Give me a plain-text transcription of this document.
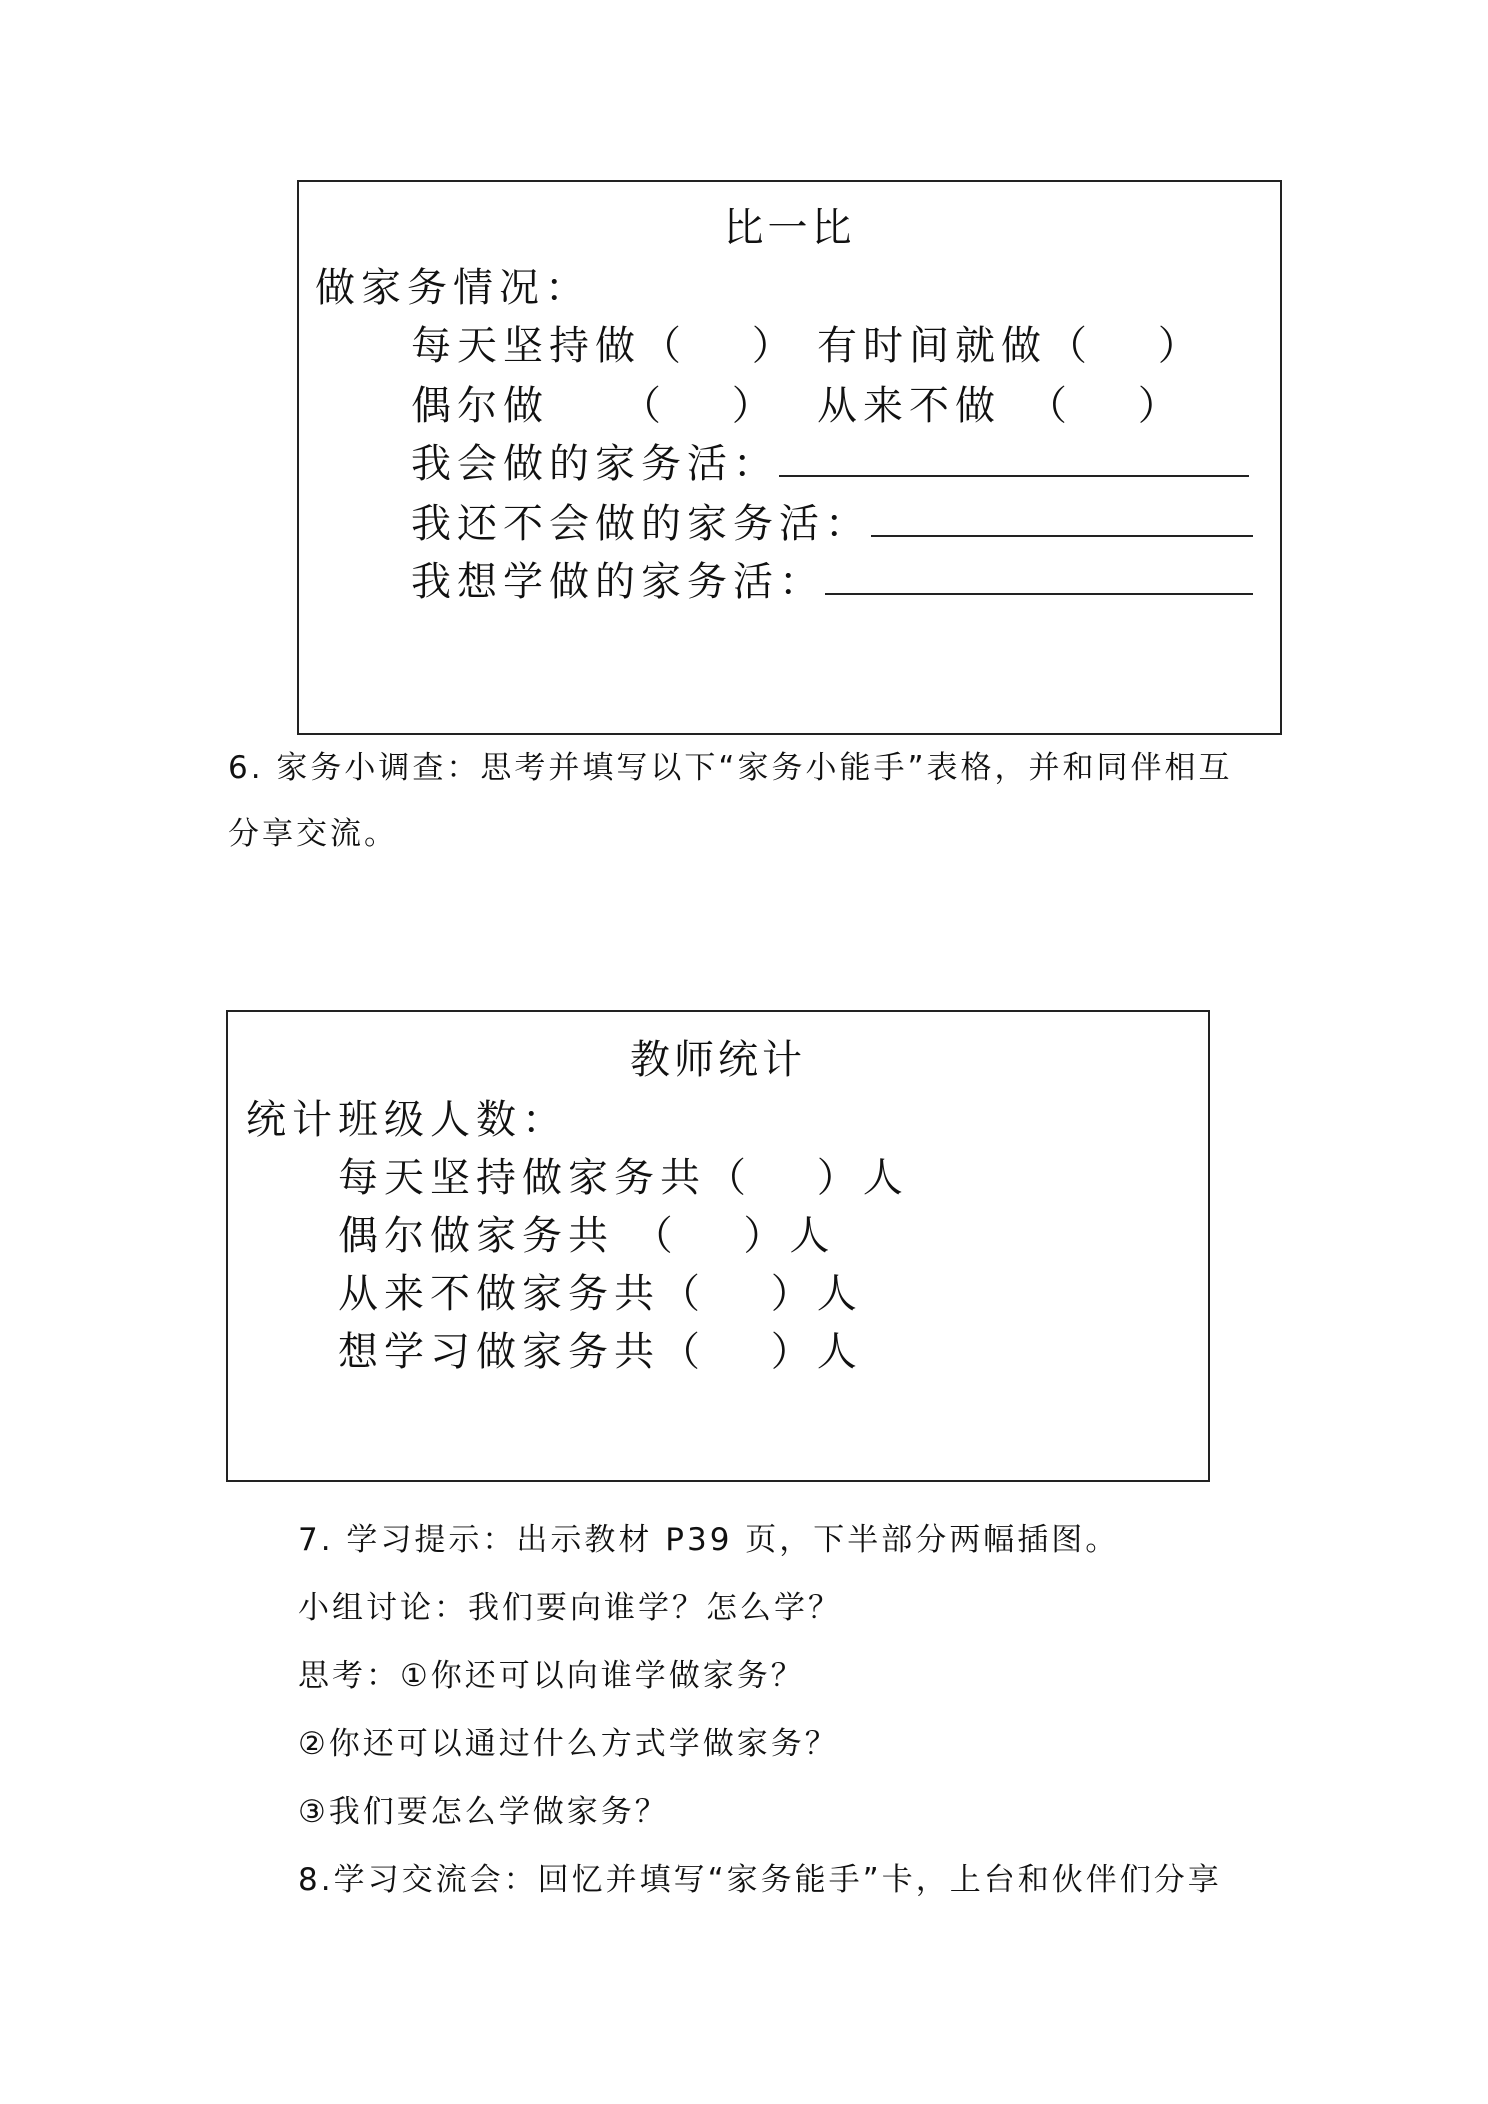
比一比
做家务情况：
每天坚持做（　 ） 有时间就做（ 　）
偶尔做　　（ 　） 从来不做　（ 　）
我会做的家务活：
我还不会做的家务活：
我想学做的家务活：
6. 家务小调查：思考并填写以下“家务小能手”表格，并和同伴相互
分享交流。
教师统计
统计班级人数：
每天坚持做家务共（　 ）人
偶尔做家务共 （　 ）人
从来不做家务共（　 ）人
想学习做家务共（　 ）人
7. 学习提示：出示教材 P39 页，下半部分两幅插图。
小组讨论：我们要向谁学？怎么学？
思考：①你还可以向谁学做家务？
②你还可以通过什么方式学做家务？
③我们要怎么学做家务？
8.学习交流会：回忆并填写“家务能手”卡，上台和伙伴们分享
